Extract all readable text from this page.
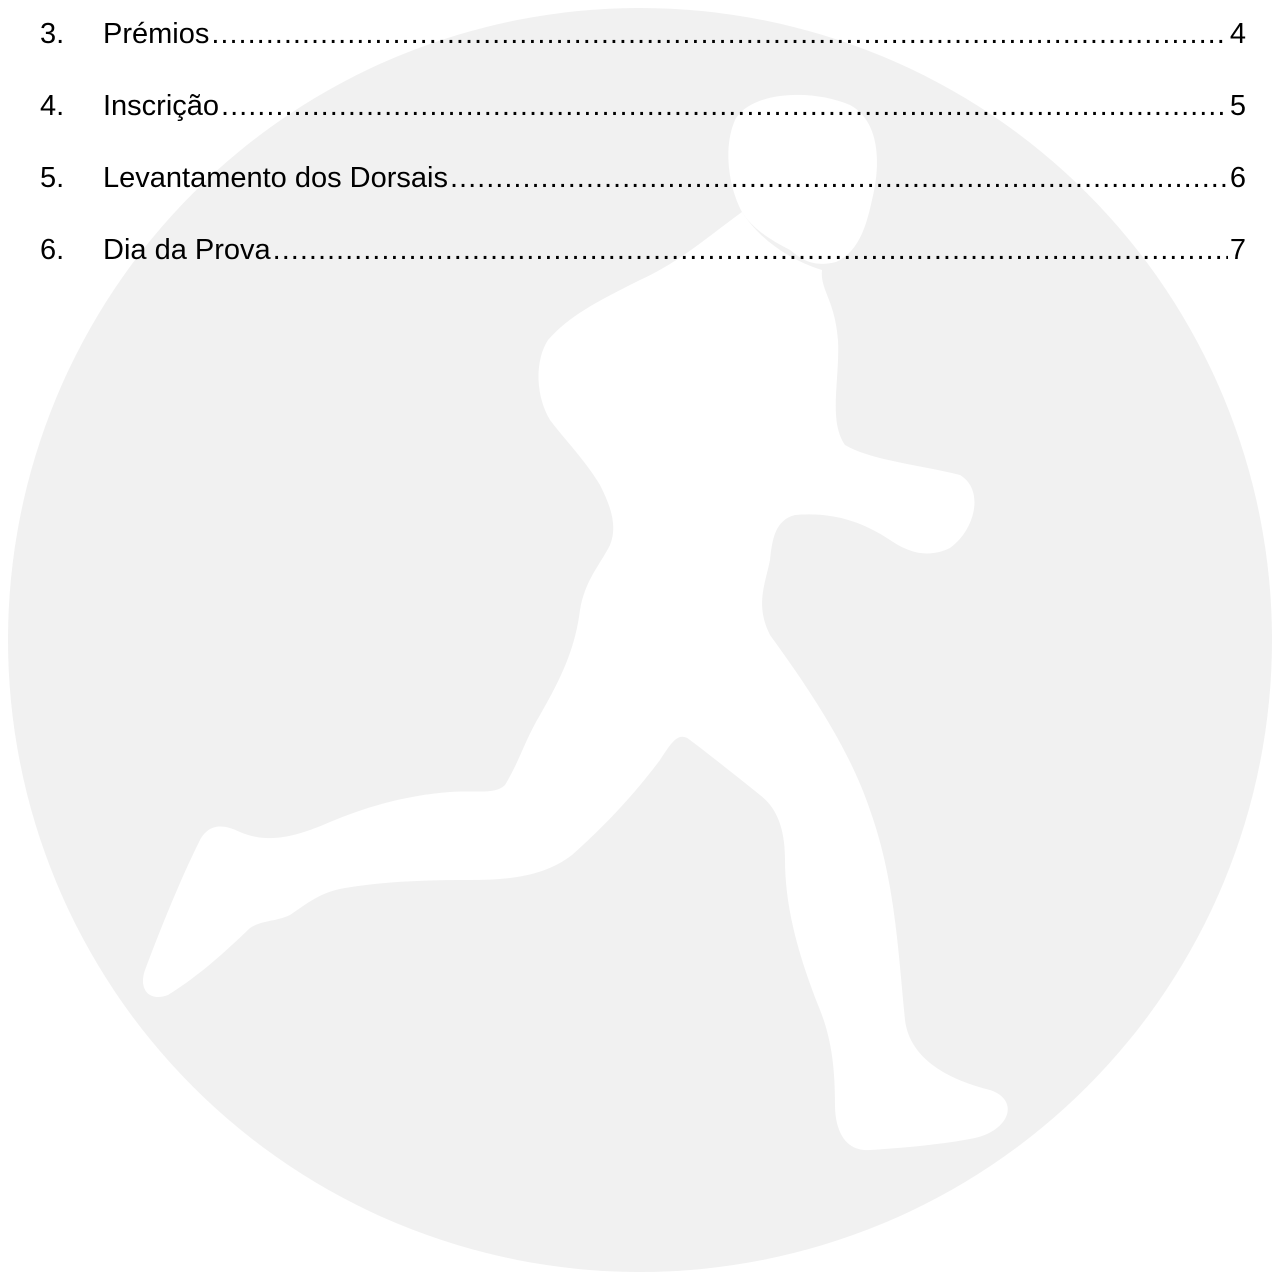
3.	Prémios .....	4
4.	Inscrição .....	5
5.	Levantamento dos Dorsais .....	6
6.	Dia da Prova .....	7
